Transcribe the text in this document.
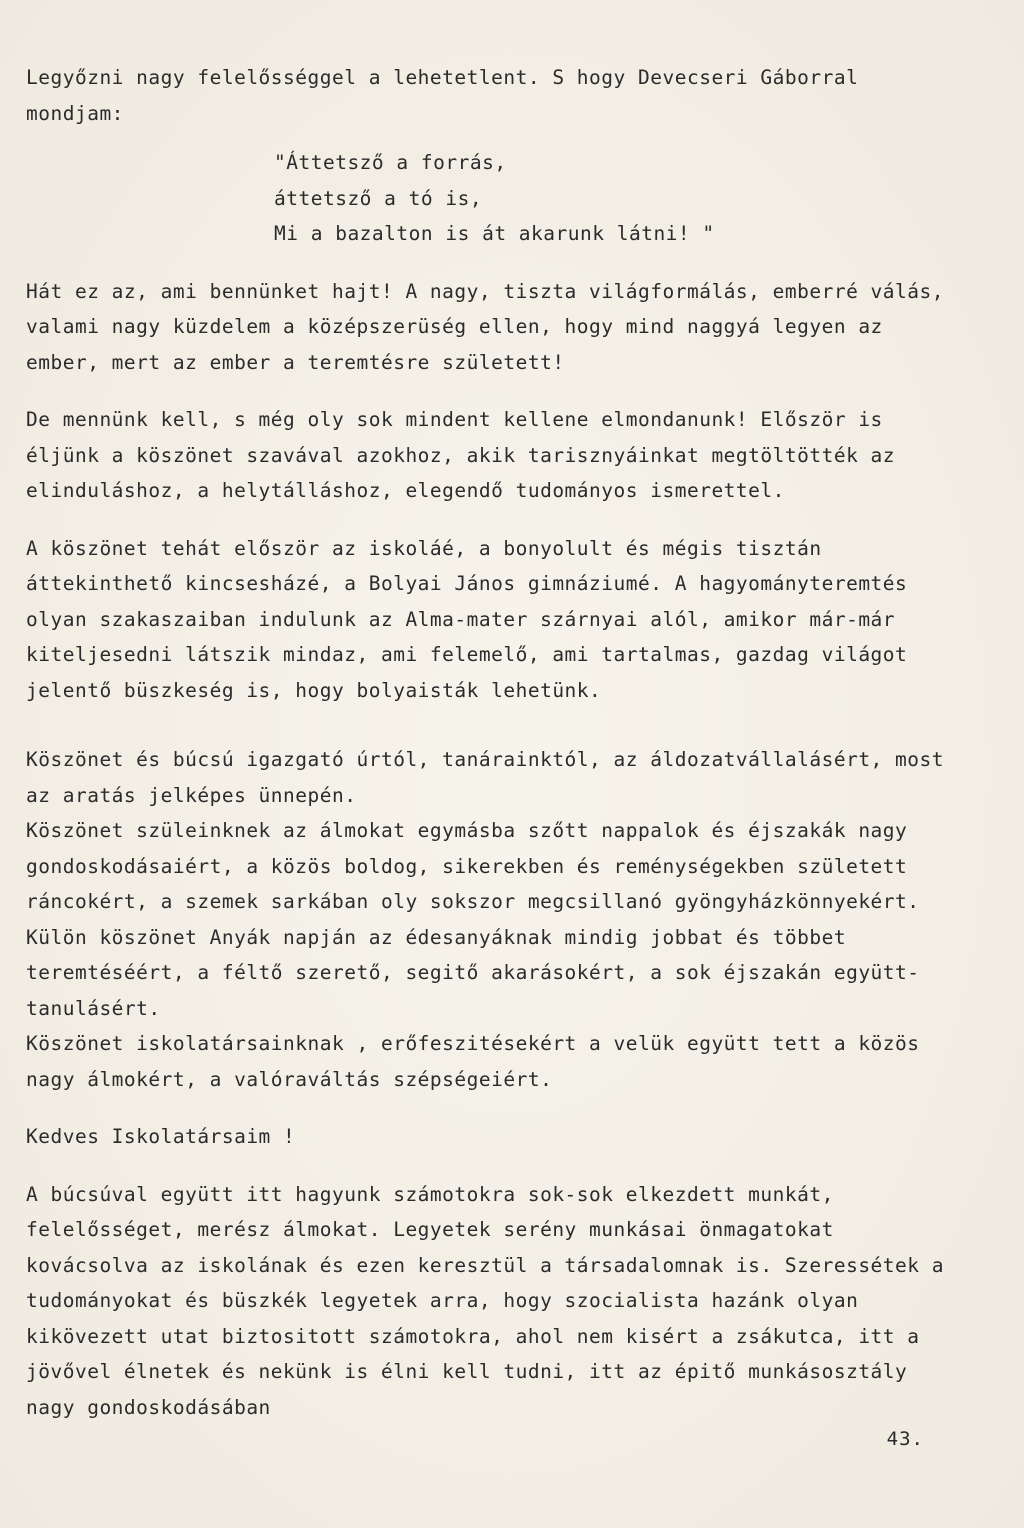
Legyőzni nagy felelősséggel a lehetetlent. S hogy Devecseri Gáborral mondjam:

"Áttetsző a forrás,

áttetsző a tó is,

Mi a bazalton is át akarunk látni! "

Hát ez az, ami bennünket hajt! A nagy, tiszta világformálás, emberré válás, valami nagy küzdelem a középszerüség ellen, hogy mind naggyá legyen az ember, mert az ember a teremtésre született!

De mennünk kell, s még oly sok mindent kellene elmondanunk! Először is éljünk a köszönet szavával azokhoz, akik tarisznyáinkat megtöltötték az elinduláshoz, a helytálláshoz, elegendő tudományos ismerettel.

A köszönet tehát először az iskoláé, a bonyolult és mégis tisztán áttekinthető kincsesházé, a Bolyai János gimnáziumé. A hagyományteremtés olyan szakaszaiban indulunk az Alma-mater szárnyai alól, amikor már-már kiteljesedni látszik mindaz, ami felemelő, ami tartalmas, gazdag világot jelentő büszkeség is, hogy bolyaisták lehetünk.

Köszönet és búcsú igazgató úrtól, tanárainktól, az áldozatvállalásért, most az aratás jelképes ünnepén.

Köszönet szüleinknek az álmokat egymásba szőtt nappalok és éjszakák nagy gondoskodásaiért, a közös boldog, sikerekben és reménységekben született ráncokért, a szemek sarkában oly sokszor megcsillanó gyöngyházkönnyekért. Külön köszönet Anyák napján az édesanyáknak mindig jobbat és többet teremtéséért, a féltő szerető, segitő akarásokért, a sok éjszakán együtt-tanulásért.

Köszönet iskolatársainknak , erőfeszitésekért a velük együtt tett a közös nagy álmokért, a valóraváltás szépségeiért.

Kedves Iskolatársaim !

A búcsúval együtt itt hagyunk számotokra sok-sok elkezdett munkát, felelősséget, merész álmokat. Legyetek serény munkásai önmagatokat kovácsolva az iskolának és ezen keresztül a társadalomnak is. Szeressétek a tudományokat és büszkék legyetek arra, hogy szocialista hazánk olyan kikövezett utat biztositott számotokra, ahol nem kisért a zsákutca, itt a jövővel élnetek és nekünk is élni kell tudni, itt az épitő munkásosztály nagy gondoskodásában

43.
